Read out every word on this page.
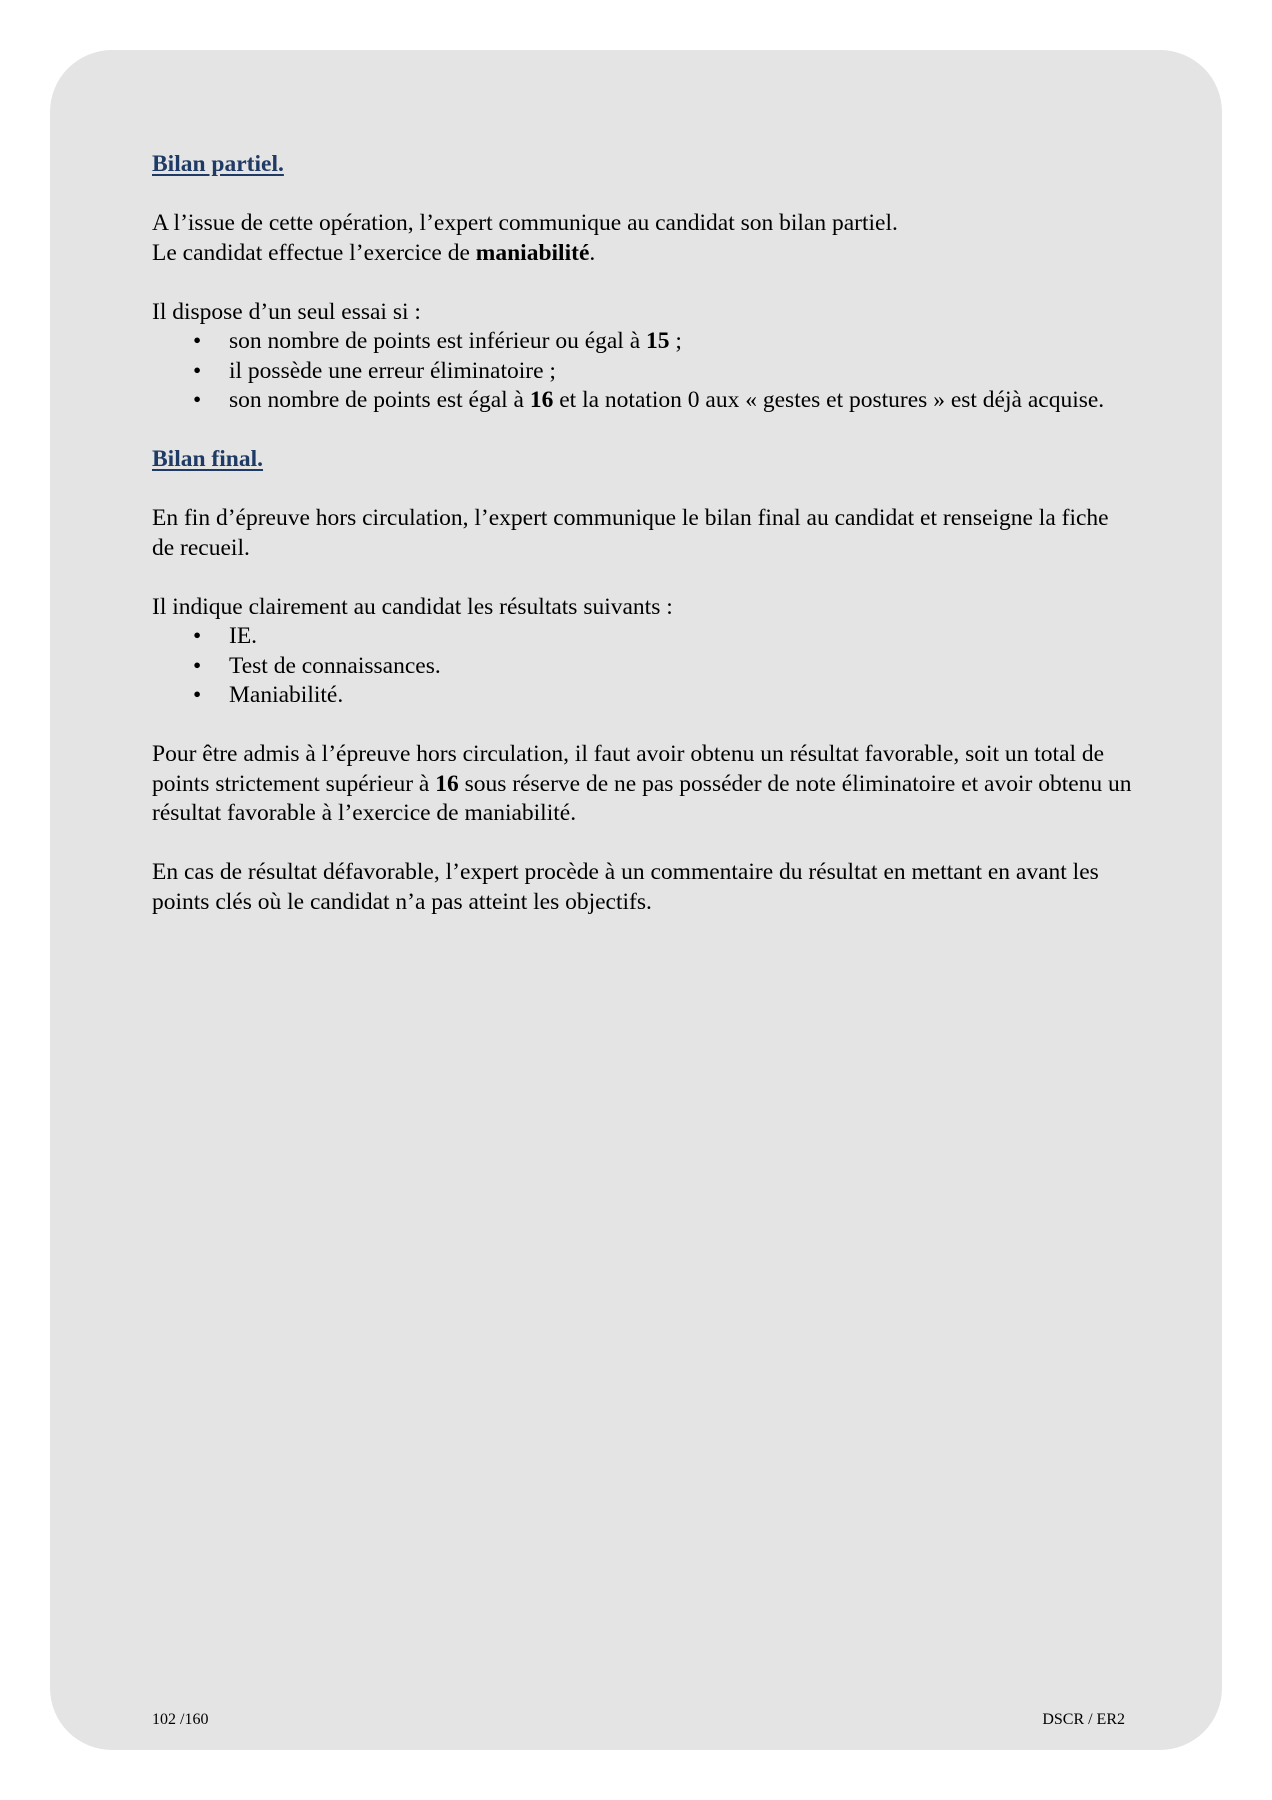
Bilan partiel.

A l’issue de cette opération, l’expert communique au candidat son bilan partiel.
Le candidat effectue l’exercice de maniabilité.

Il dispose d’un seul essai si :

• son nombre de points est inférieur ou égal à 15 ;
• il possède une erreur éliminatoire ;
• son nombre de points est égal à 16 et la notation 0 aux « gestes et postures » est déjà acquise.
Bilan final.

En fin d’épreuve hors circulation, l’expert communique le bilan final au candidat et renseigne la fiche de recueil.

Il indique clairement au candidat les résultats suivants :

• IE.
• Test de connaissances.
• Maniabilité.

Pour être admis à l’épreuve hors circulation, il faut avoir obtenu un résultat favorable, soit un total de points strictement supérieur à 16 sous réserve de ne pas posséder de note éliminatoire et avoir obtenu un résultat favorable à l’exercice de maniabilité.

En cas de résultat défavorable, l’expert procède à un commentaire du résultat en mettant en avant les points clés où le candidat n’a pas atteint les objectifs.

102 /160	DSCR / ER2
